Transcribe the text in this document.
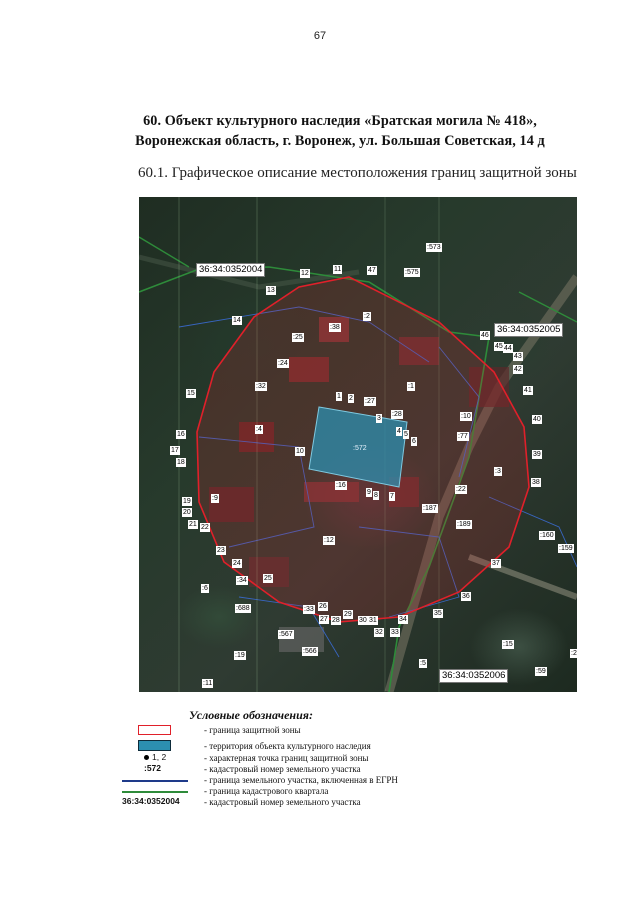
67
60. Объект культурного наследия «Братская могила № 418»,
Воронежская область, г. Воронеж, ул. Большая Советская, 14 д
60.1. Графическое описание местоположения границ защитной зоны
36:34:0352004
36:34:0352005
36:34:0352006
:572
1 2
3
4 5
6
7
8
9
10
11
12
13
14
15
16
17
18
19
20
21 22
23
24
25
26
27 28
29
30 31
32 33
34
35
36
37
38
39
40
41
42
43
44
45
46
47
:573
:575
:38
:2
:25
:24
:32
:4
:1
:27
:28	:10
:77
:187
:189
:22
:3
:16
:12
:34
:688
:567
:566
:19
:11
:33
:160
:159
:15
:59
:5
:9
:6
:2
Условные обозначения:
- граница защитной зоны
- территория объекта культурного наследия
1, 2	- характерная точка границ защитной зоны
:572	- кадастровый номер земельного участка
- граница земельного участка, включенная в ЕГРН
- граница кадастрового квартала
36:34:0352004	- кадастровый номер земельного участка
